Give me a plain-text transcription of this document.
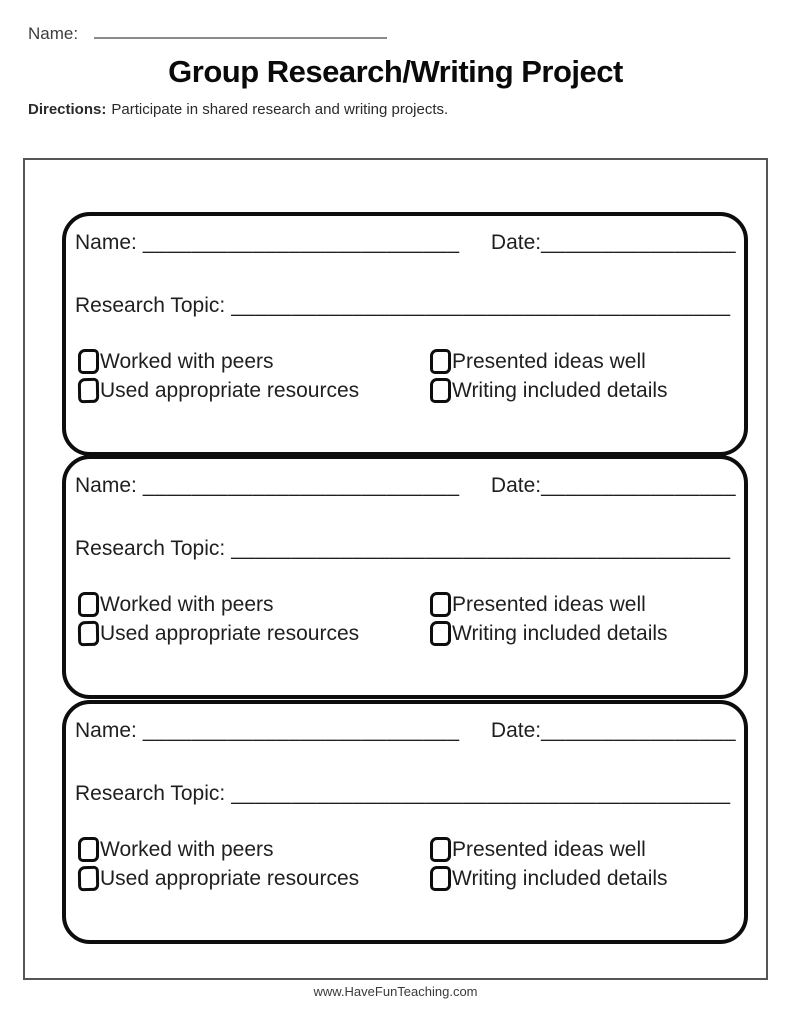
Name:
Group Research/Writing Project
Directions: Participate in shared research and writing projects.
Name: __________________________ Date:________________
Research Topic: _________________________________________
Worked with peers
Used appropriate resources
Presented ideas well
Writing included details
Name: __________________________ Date:________________
Research Topic: _________________________________________
Worked with peers
Used appropriate resources
Presented ideas well
Writing included details
Name: __________________________ Date:________________
Research Topic: _________________________________________
Worked with peers
Used appropriate resources
Presented ideas well
Writing included details
www.HaveFunTeaching.com
